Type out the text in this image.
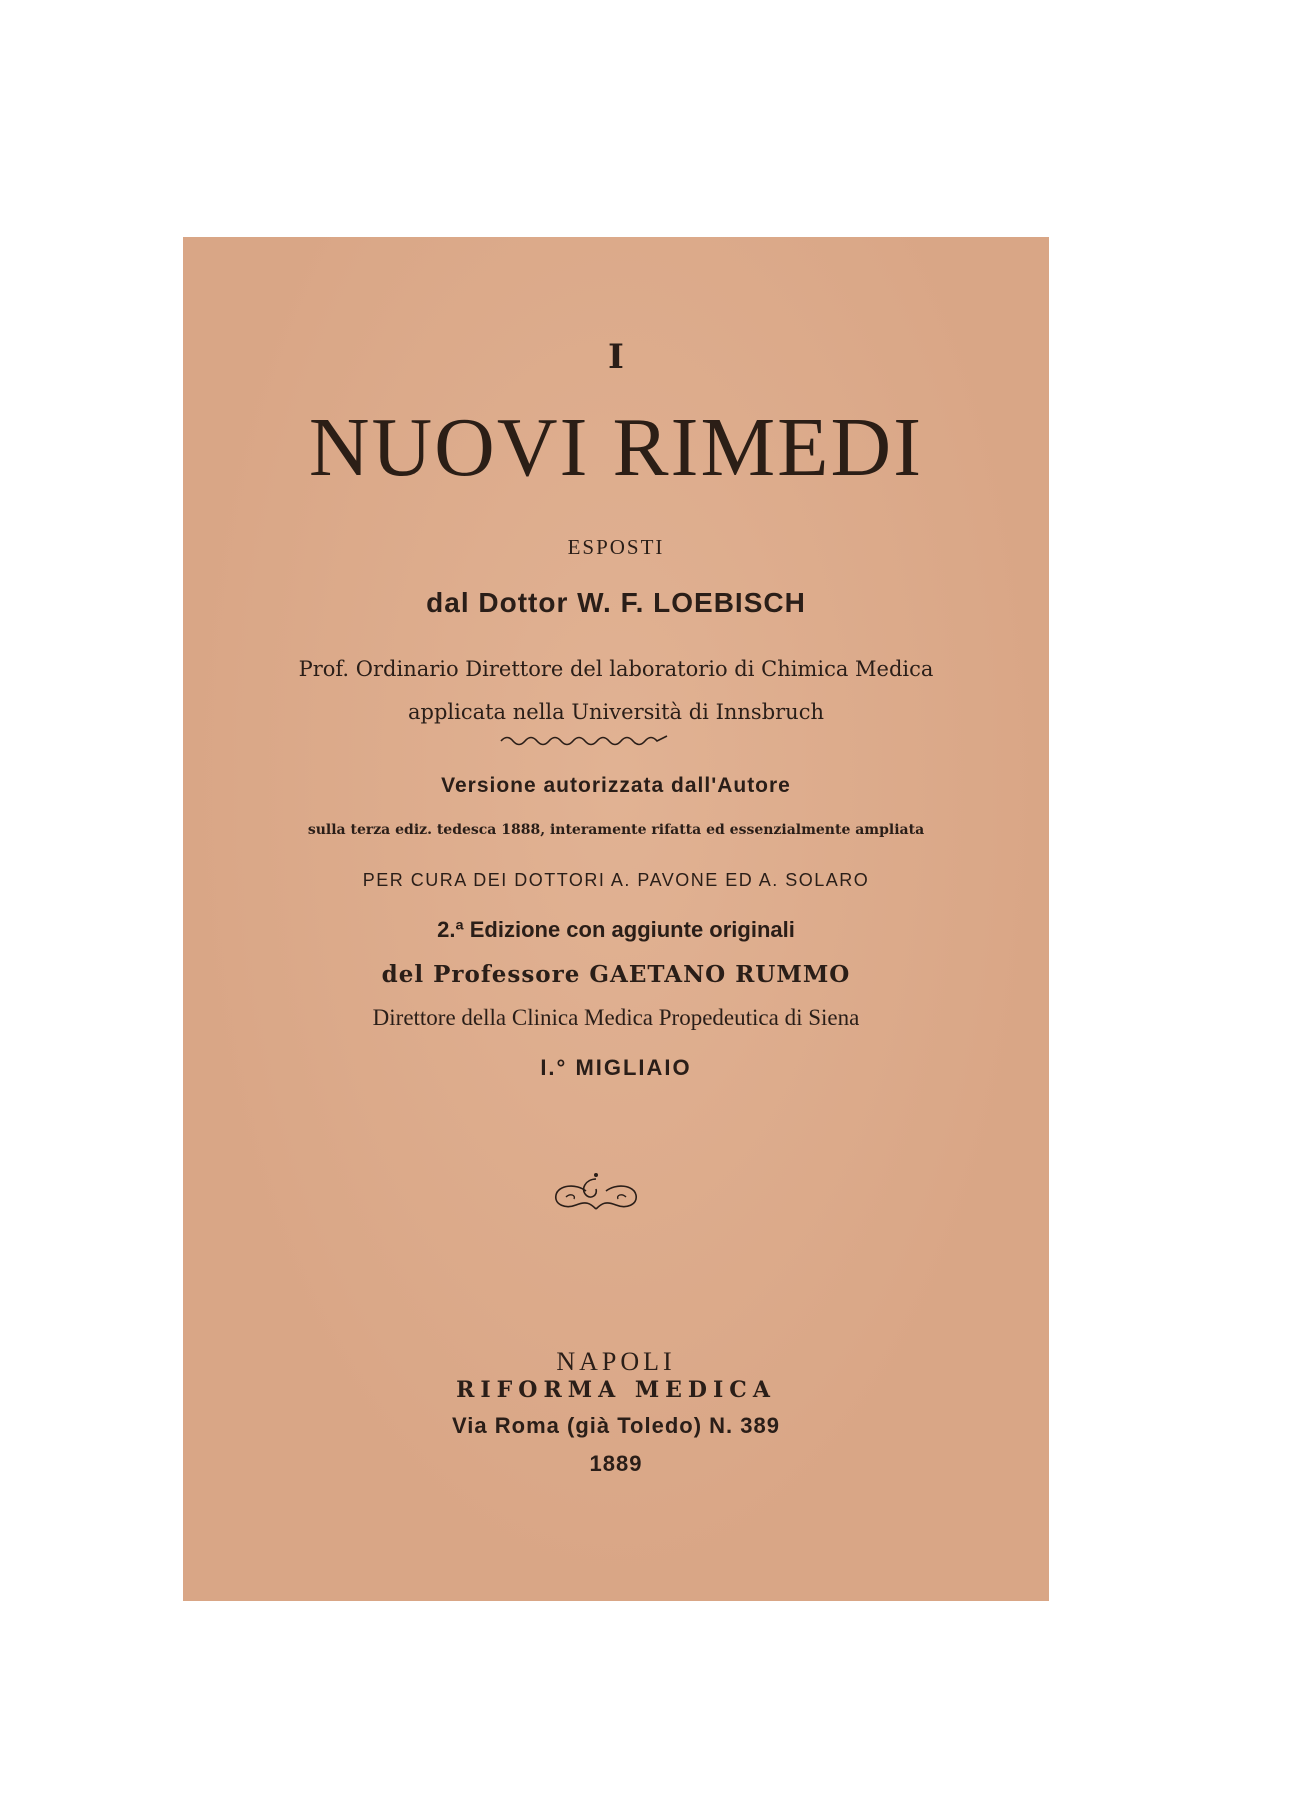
I
NUOVI RIMEDI
ESPOSTI
dal Dottor W. F. LOEBISCH
Prof. Ordinario Direttore del laboratorio di Chimica Medica
applicata nella Università di Innsbruch
Versione autorizzata dall'Autore
sulla terza ediz. tedesca 1888, interamente rifatta ed essenzialmente ampliata
PER CURA DEI DOTTORI A. PAVONE ED A. SOLARO
2.ª Edizione con aggiunte originali
del Professore GAETANO RUMMO
Direttore della Clinica Medica Propedeutica di Siena
I.° MIGLIAIO
NAPOLI
RIFORMA MEDICA
Via Roma (già Toledo) N. 389
1889
